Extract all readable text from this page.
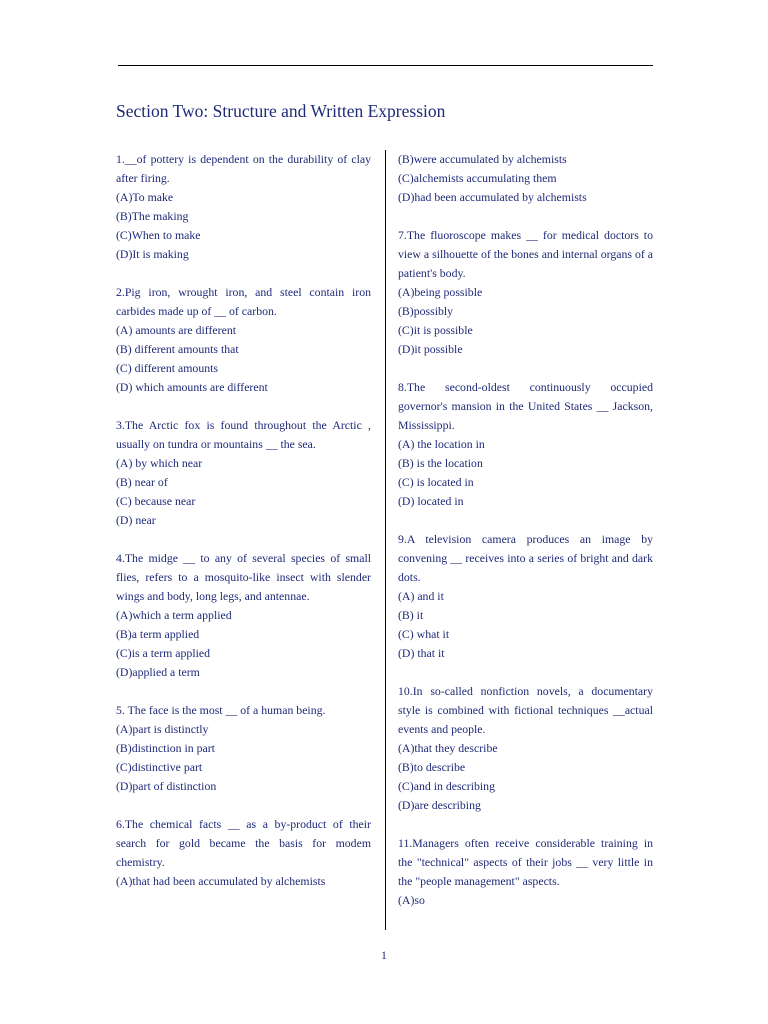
Section Two: Structure and Written Expression
1.__of pottery is dependent on the durability of clay after firing.
(A)To make
(B)The making
(C)When to make
(D)It is making
2.Pig iron, wrought iron, and steel contain iron carbides made up of __ of carbon.
(A) amounts are different
(B) different amounts that
(C) different amounts
(D) which amounts are different
3.The Arctic fox is found throughout the Arctic , usually on tundra or mountains __ the sea.
(A) by which near
(B) near of
(C) because near
(D) near
4.The midge __ to any of several species of small flies, refers to a mosquito-like insect with slender wings and body, long legs, and antennae.
(A)which a term applied
(B)a term applied
(C)is a term applied
(D)applied a term
5. The face is the most __ of a human being.
(A)part is distinctly
(B)distinction in part
(C)distinctive part
(D)part of distinction
6.The chemical facts __ as a by-product of their search for gold became the basis for modem chemistry.
(A)that had been accumulated by alchemists
(B)were accumulated by alchemists
(C)alchemists accumulating them
(D)had been accumulated by alchemists
7.The fluoroscope makes __ for medical doctors to view a silhouette of the bones and internal organs of a patient's body.
(A)being possible
(B)possibly
(C)it is possible
(D)it possible
8.The second-oldest continuously occupied governor's mansion in the United States __ Jackson, Mississippi.
(A) the location in
(B) is the location
(C) is located in
(D) located in
9.A television camera produces an image by convening __ receives into a series of bright and dark dots.
(A) and it
(B) it
(C) what it
(D) that it
10.In so-called nonfiction novels, a documentary style is combined with fictional techniques __actual events and people.
(A)that they describe
(B)to describe
(C)and in describing
(D)are describing
11.Managers often receive considerable training in the "technical" aspects of their jobs __ very little in the "people management" aspects.
(A)so
1
